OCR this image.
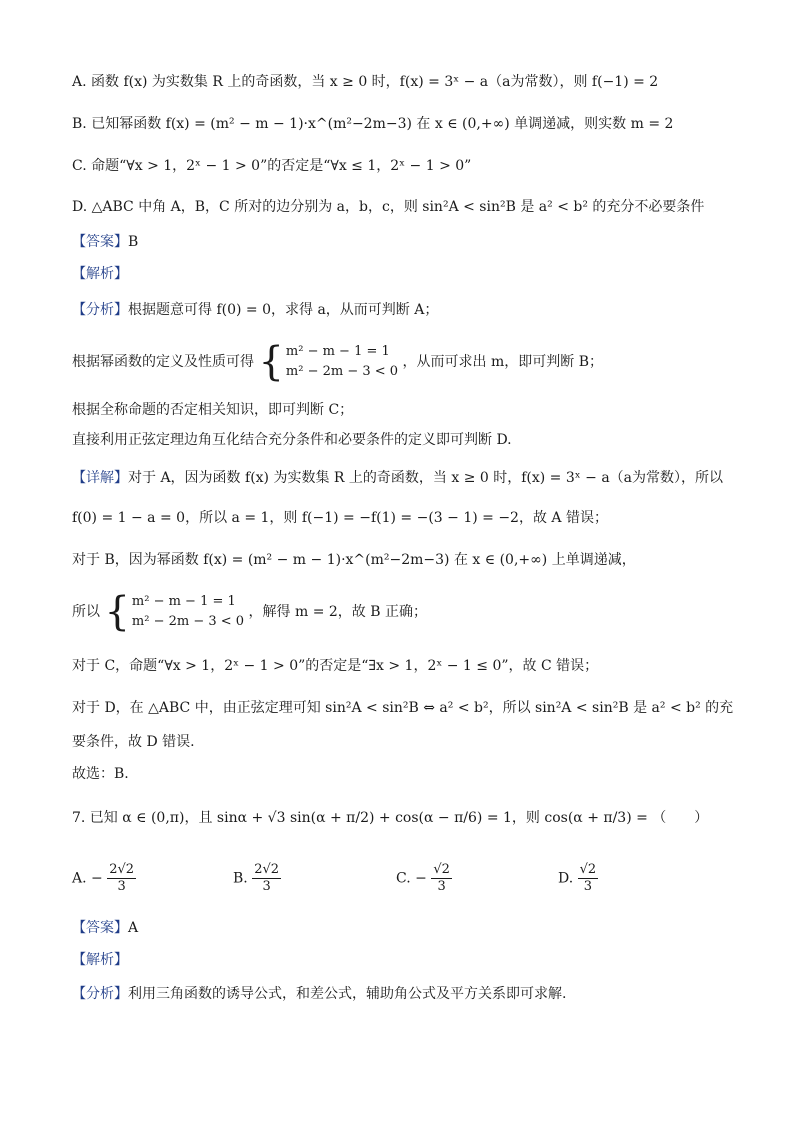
A. 函数 f(x) 为实数集 R 上的奇函数，当 x ≥ 0 时，f(x) = 3ˣ − a（a为常数），则 f(−1) = 2
B. 已知幂函数 f(x) = (m² − m − 1)·x^(m²−2m−3) 在 x ∈ (0,+∞) 单调递减，则实数 m = 2
C. 命题“∀x > 1，2ˣ − 1 > 0”的否定是“∀x ≤ 1，2ˣ − 1 > 0”
D. △ABC 中角 A，B，C 所对的边分别为 a，b，c，则 sin²A < sin²B 是 a² < b² 的充分不必要条件
【答案】B
【解析】
【分析】根据题意可得 f(0) = 0，求得 a，从而可判断 A；
根据幂函数的定义及性质可得 { m² − m − 1 = 1
m² − 2m − 3 < 0
，从而可求出 m，即可判断 B；
根据全称命题的否定相关知识，即可判断 C；
直接利用正弦定理边角互化结合充分条件和必要条件的定义即可判断 D.
【详解】对于 A，因为函数 f(x) 为实数集 R 上的奇函数，当 x ≥ 0 时，f(x) = 3ˣ − a（a为常数），所以
f(0) = 1 − a = 0，所以 a = 1，则 f(−1) = −f(1) = −(3 − 1) = −2，故 A 错误；
对于 B，因为幂函数 f(x) = (m² − m − 1)·x^(m²−2m−3) 在 x ∈ (0,+∞) 上单调递减，
所以 { m² − m − 1 = 1
m² − 2m − 3 < 0
，解得 m = 2，故 B 正确；
对于 C，命题“∀x > 1，2ˣ − 1 > 0”的否定是“∃x > 1，2ˣ − 1 ≤ 0”，故 C 错误；
对于 D，在 △ABC 中，由正弦定理可知 sin²A < sin²B ⇔ a² < b²，所以 sin²A < sin²B 是 a² < b² 的充
要条件，故 D 错误.
故选：B.
7. 已知 α ∈ (0,π)，且 sinα + √3 sin(α + π/2) + cos(α − π/6) = 1，则 cos(α + π/3) = （　　）
A. − $\frac{2√2}{3}$	B. $\frac{2√2}{3}$	C. − $\frac{√2}{3}$	D. $\frac{√2}{3}$
【答案】A
【解析】
【分析】利用三角函数的诱导公式，和差公式，辅助角公式及平方关系即可求解.
